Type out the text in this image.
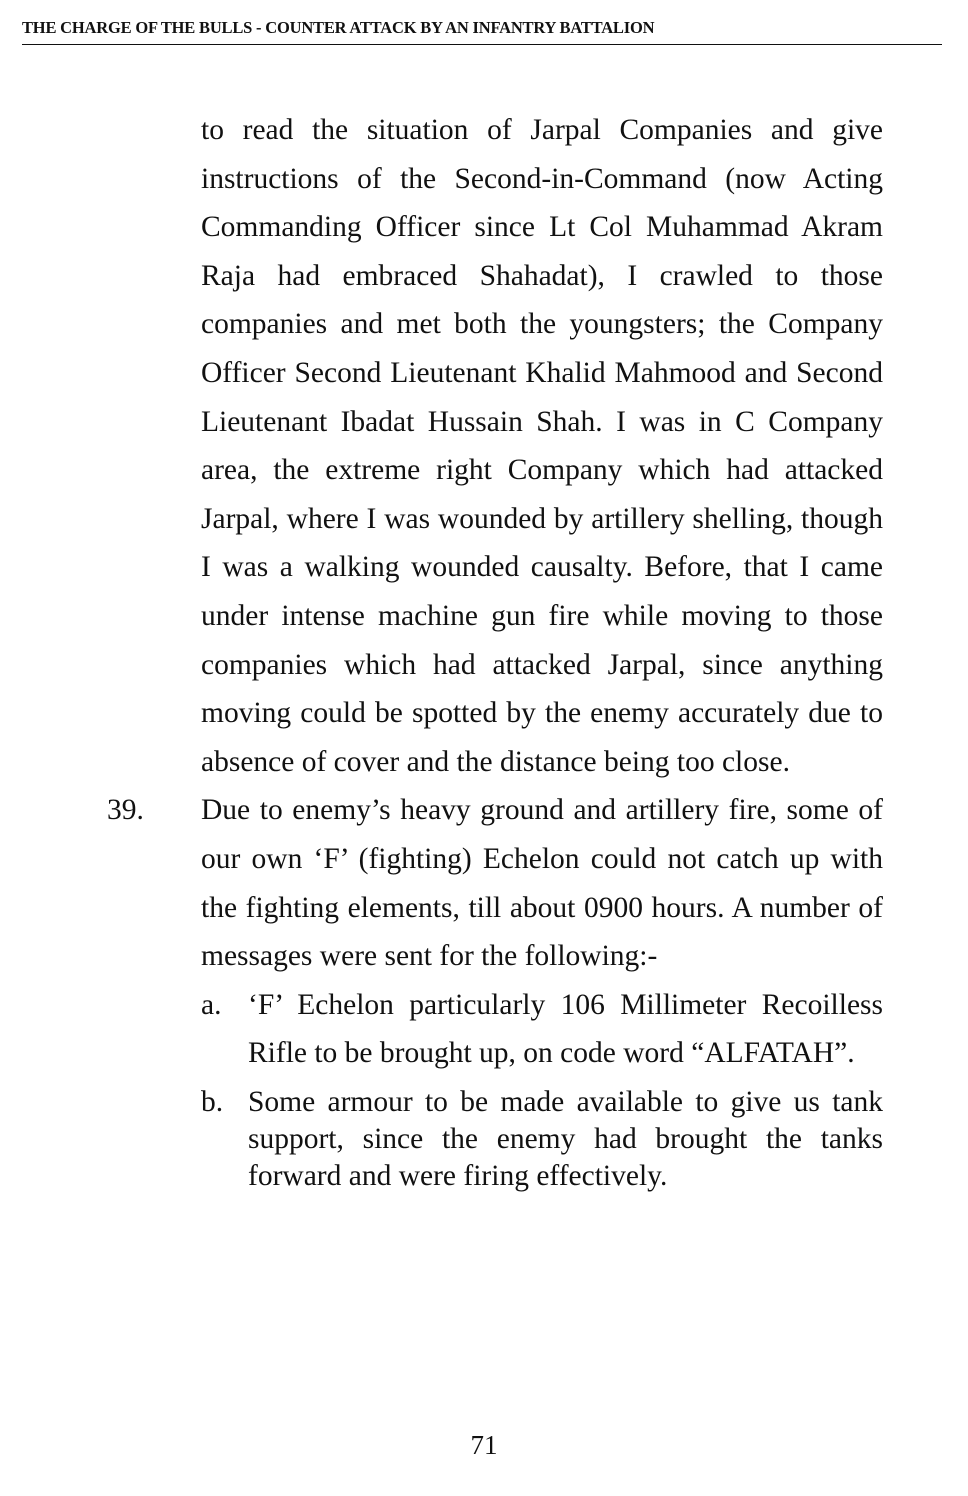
THE CHARGE OF THE BULLS - COUNTER ATTACK BY AN INFANTRY BATTALION

to read the situation of Jarpal Companies and give instructions of the Second-in-Command (now Acting Commanding Officer since Lt Col Muhammad Akram Raja had embraced Shahadat), I crawled to those companies and met both the youngsters; the Company Officer Second Lieutenant Khalid Mahmood and Second Lieutenant Ibadat Hussain Shah. I was in C Company area, the extreme right Company which had attacked Jarpal, where I was wounded by artillery shelling, though I was a walking wounded causalty. Before, that I came under intense machine gun fire while moving to those companies which had attacked Jarpal, since anything moving could be spotted by the enemy accurately due to absence of cover and the distance being too close.

39. Due to enemy’s heavy ground and artillery fire, some of our own ‘F’ (fighting) Echelon could not catch up with the fighting elements, till about 0900 hours. A number of messages were sent for the following:-

a. ‘F’ Echelon particularly 106 Millimeter Recoilless Rifle to be brought up, on code word “ALFATAH”.
b. Some armour to be made available to give us tank support, since the enemy had brought the tanks forward and were firing effectively.
71
